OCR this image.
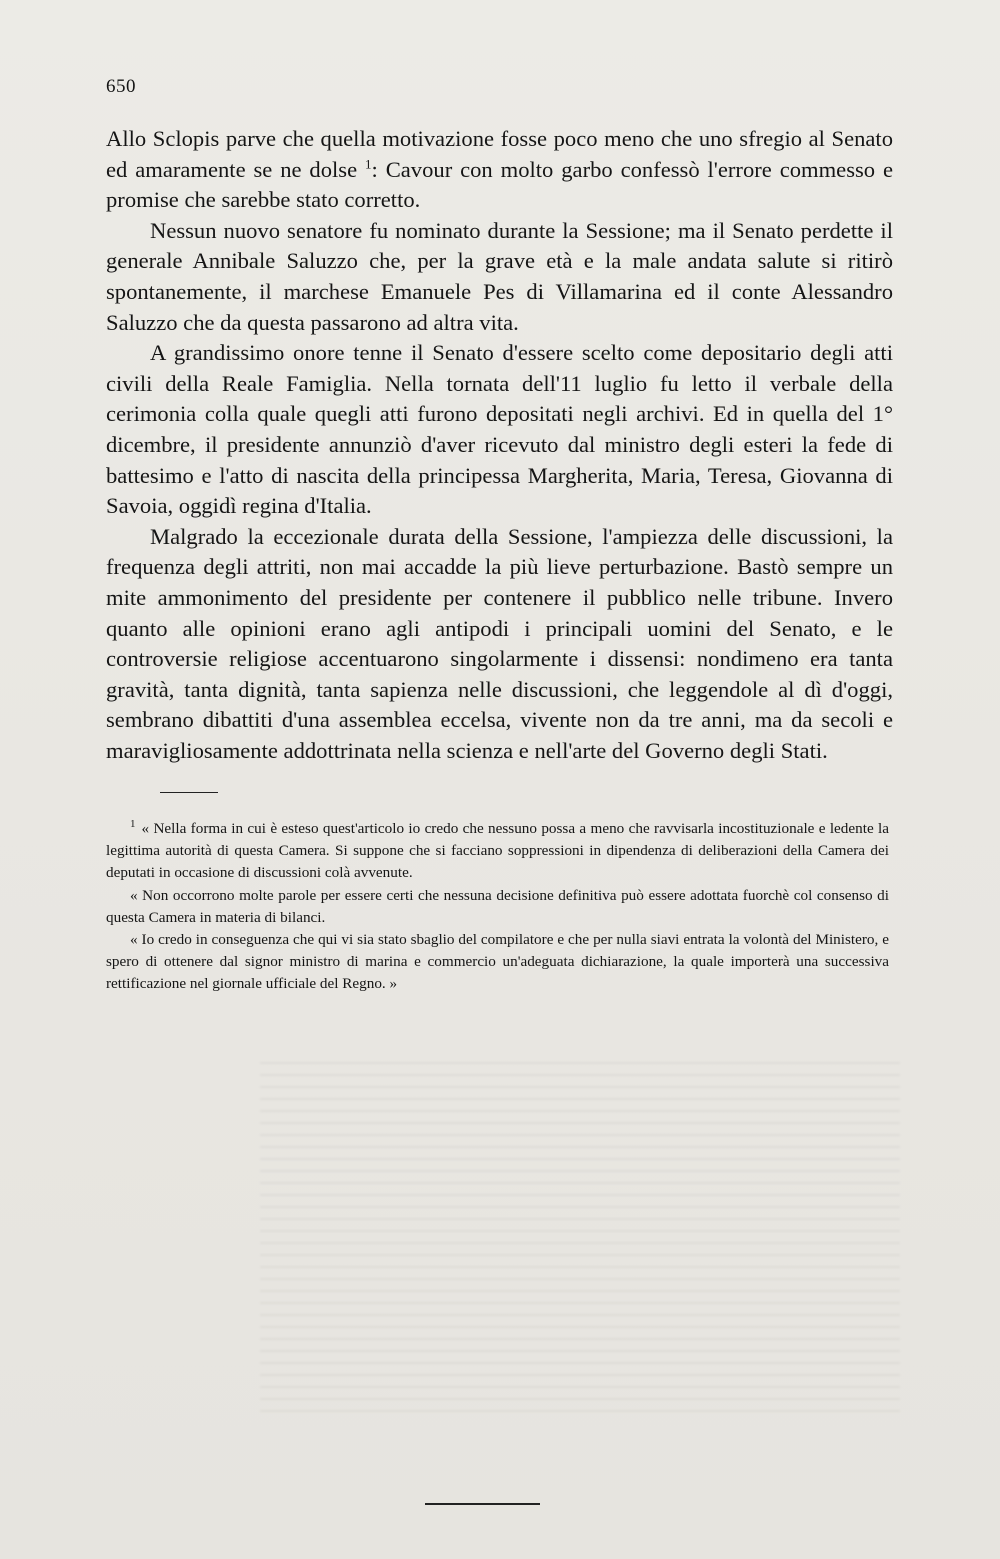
650

Allo Sclopis parve che quella motivazione fosse poco meno che uno sfregio al Senato ed amaramente se ne dolse $^1$: Cavour con molto garbo confessò l'errore commesso e promise che sarebbe stato corretto.

Nessun nuovo senatore fu nominato durante la Sessione; ma il Senato perdette il generale Annibale Saluzzo che, per la grave età e la male andata salute si ritirò spontanemente, il marchese Emanuele Pes di Villamarina ed il conte Alessandro Saluzzo che da questa passarono ad altra vita.

A grandissimo onore tenne il Senato d'essere scelto come depositario degli atti civili della Reale Famiglia. Nella tornata dell'11 luglio fu letto il verbale della cerimonia colla quale quegli atti furono depositati negli archivi. Ed in quella del 1° dicembre, il presidente annunziò d'aver ricevuto dal ministro degli esteri la fede di battesimo e l'atto di nascita della principessa Margherita, Maria, Teresa, Giovanna di Savoia, oggidì regina d'Italia.

Malgrado la eccezionale durata della Sessione, l'ampiezza delle discussioni, la frequenza degli attriti, non mai accadde la più lieve perturbazione. Bastò sempre un mite ammonimento del presidente per contenere il pubblico nelle tribune. Invero quanto alle opinioni erano agli antipodi i principali uomini del Senato, e le controversie religiose accentuarono singolarmente i dissensi: nondimeno era tanta gravità, tanta dignità, tanta sapienza nelle discussioni, che leggendole al dì d'oggi, sembrano dibattiti d'una assemblea eccelsa, vivente non da tre anni, ma da secoli e maravigliosamente addottrinata nella scienza e nell'arte del Governo degli Stati.

$^1$ « Nella forma in cui è esteso quest'articolo io credo che nessuno possa a meno che ravvisarla incostituzionale e ledente la legittima autorità di questa Camera. Si suppone che si facciano soppressioni in dipendenza di deliberazioni della Camera dei deputati in occasione di discussioni colà avvenute.

« Non occorrono molte parole per essere certi che nessuna decisione definitiva può essere adottata fuorchè col consenso di questa Camera in materia di bilanci.

« Io credo in conseguenza che qui vi sia stato sbaglio del compilatore e che per nulla siavi entrata la volontà del Ministero, e spero di ottenere dal signor ministro di marina e commercio un'adeguata dichiarazione, la quale importerà una successiva rettificazione nel giornale ufficiale del Regno. »
